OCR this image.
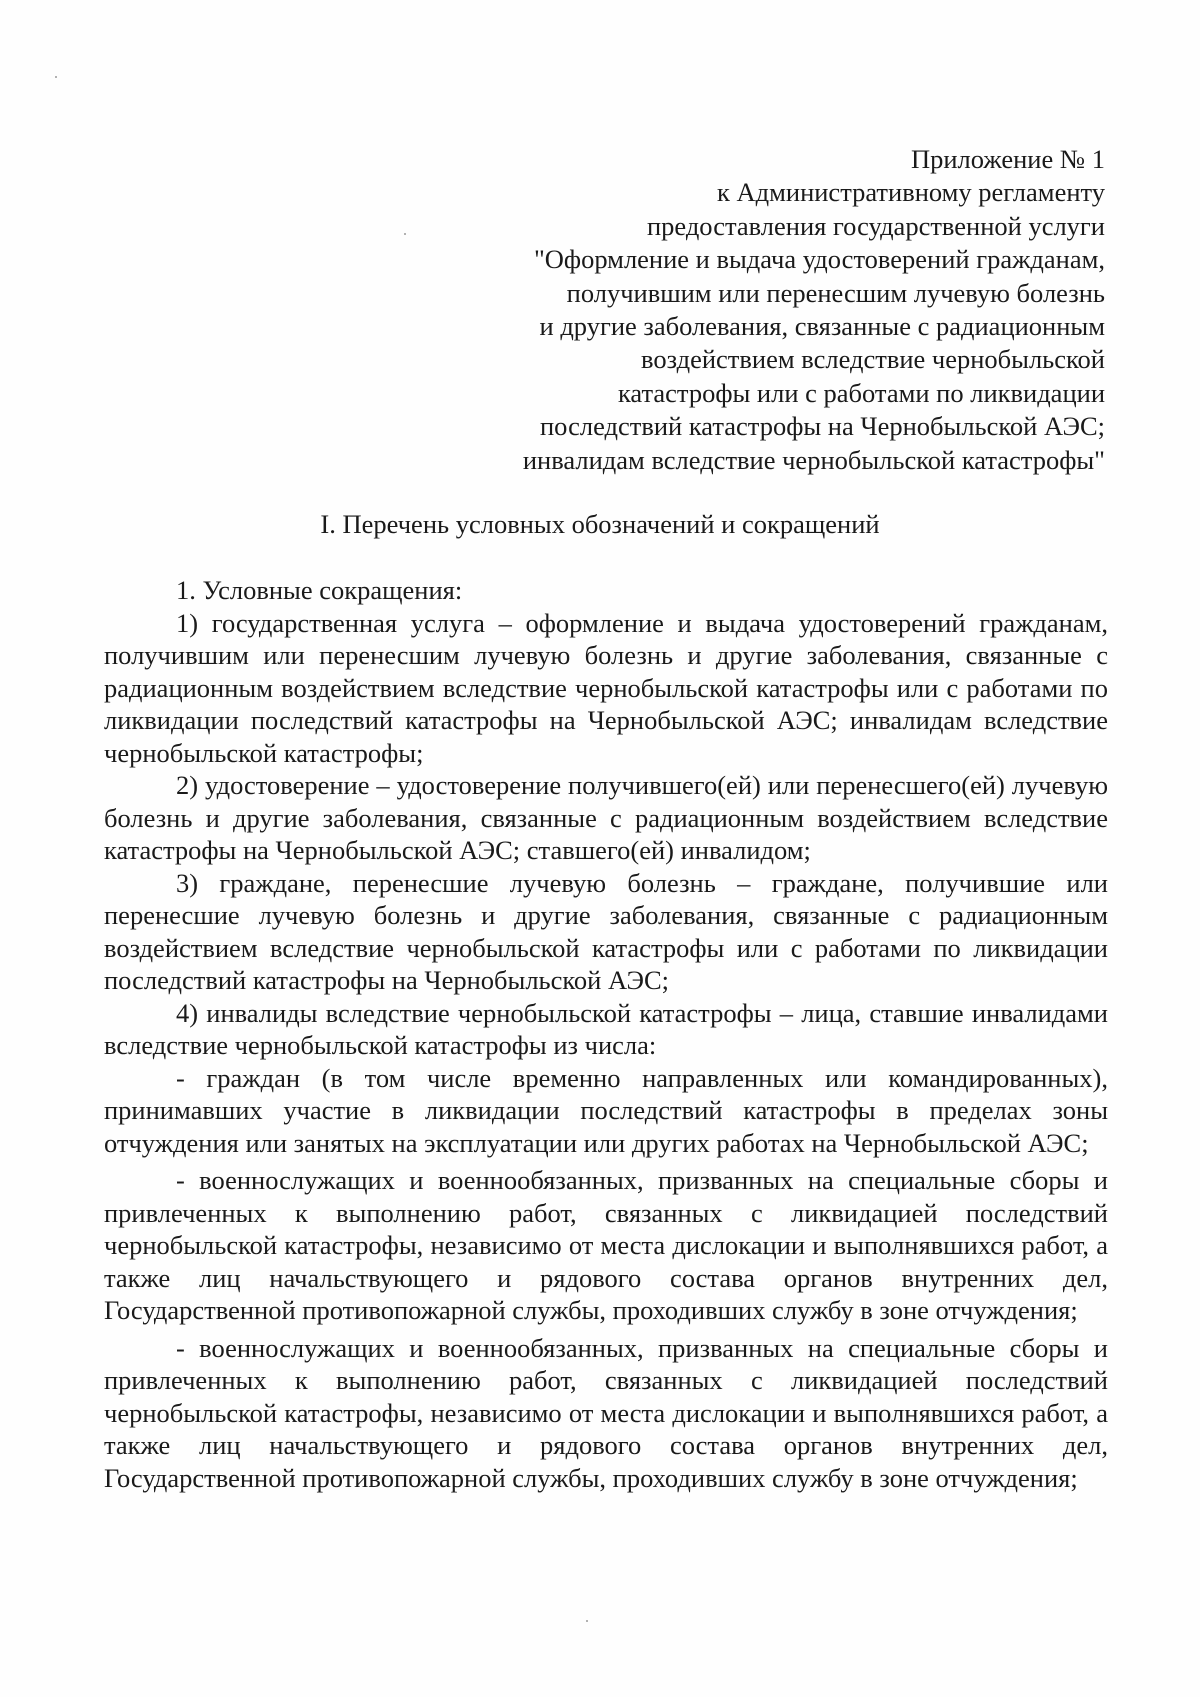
Приложение № 1
к Административному регламенту
предоставления государственной услуги
"Оформление и выдача удостоверений гражданам,
получившим или перенесшим лучевую болезнь
и другие заболевания, связанные с радиационным
воздействием вследствие чернобыльской
катастрофы или с работами по ликвидации
последствий катастрофы на Чернобыльской АЭС;
инвалидам вследствие чернобыльской катастрофы"
I. Перечень условных обозначений и сокращений

1. Условные сокращения:

1) государственная услуга – оформление и выдача удостоверений гражданам, получившим или перенесшим лучевую болезнь и другие заболевания, связанные с радиационным воздействием вследствие чернобыльской катастрофы или с работами по ликвидации последствий катастрофы на Чернобыльской АЭС; инвалидам вследствие чернобыльской катастрофы;

2) удостоверение – удостоверение получившего(ей) или перенесшего(ей) лучевую болезнь и другие заболевания, связанные с радиационным воздействием вследствие катастрофы на Чернобыльской АЭС; ставшего(ей) инвалидом;

3) граждане, перенесшие лучевую болезнь – граждане, получившие или перенесшие лучевую болезнь и другие заболевания, связанные с радиационным воздействием вследствие чернобыльской катастрофы или с работами по ликвидации последствий катастрофы на Чернобыльской АЭС;

4) инвалиды вследствие чернобыльской катастрофы – лица, ставшие инвалидами вследствие чернобыльской катастрофы из числа:

- граждан (в том числе временно направленных или командированных), принимавших участие в ликвидации последствий катастрофы в пределах зоны отчуждения или занятых на эксплуатации или других работах на Чернобыльской АЭС;

- военнослужащих и военнообязанных, призванных на специальные сборы и привлеченных к выполнению работ, связанных с ликвидацией последствий чернобыльской катастрофы, независимо от места дислокации и выполнявшихся работ, а также лиц начальствующего и рядового состава органов внутренних дел, Государственной противопожарной службы, проходивших службу в зоне отчуждения;

- военнослужащих и военнообязанных, призванных на специальные сборы и привлеченных к выполнению работ, связанных с ликвидацией последствий чернобыльской катастрофы, независимо от места дислокации и выполнявшихся работ, а также лиц начальствующего и рядового состава органов внутренних дел, Государственной противопожарной службы, проходивших службу в зоне отчуждения;
